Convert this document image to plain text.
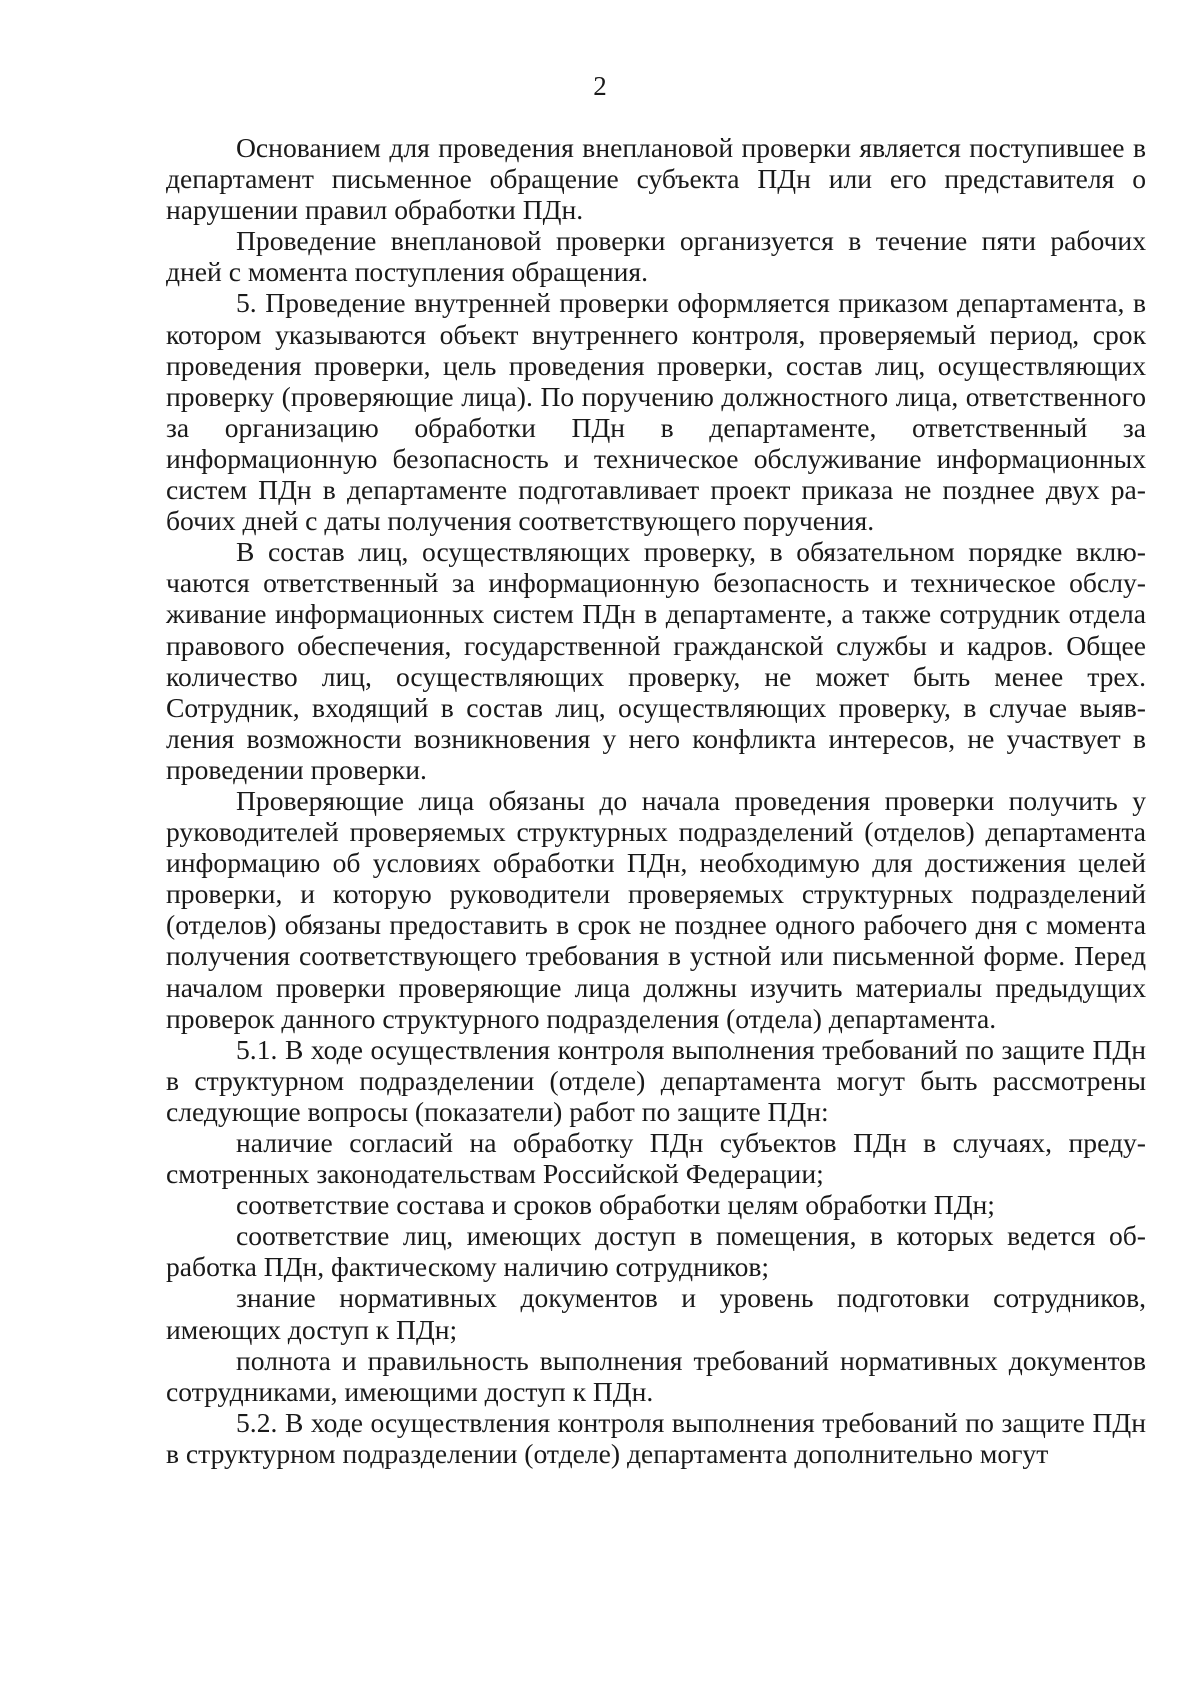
2

Основанием для проведения внеплановой проверки является поступившее в департамент письменное обращение субъекта ПДн или его представителя о нарушении правил обработки ПДн.

Проведение внеплановой проверки организуется в течение пяти рабочих дней с момента поступления обращения.

5. Проведение внутренней проверки оформляется приказом департамента, в котором указываются объект внутреннего контроля, проверяемый период, срок проведения проверки, цель проведения проверки, состав лиц, осуществляющих проверку (проверяющие лица). По поручению должностного лица, ответственного за организацию обработки ПДн в департаменте, ответственный за информационную безопасность и техническое обслуживание информационных систем ПДн в департаменте подготавливает проект приказа не позднее двух рабочих дней с даты получения соответствующего поручения.

В состав лиц, осуществляющих проверку, в обязательном порядке включаются ответственный за информационную безопасность и техническое обслуживание информационных систем ПДн в департаменте, а также сотрудник отдела правового обеспечения, государственной гражданской службы и кадров. Общее количество лиц, осуществляющих проверку, не может быть менее трех. Сотрудник, входящий в состав лиц, осуществляющих проверку, в случае выявления возможности возникновения у него конфликта интересов, не участвует в проведении проверки.

Проверяющие лица обязаны до начала проведения проверки получить у руководителей проверяемых структурных подразделений (отделов) департамента информацию об условиях обработки ПДн, необходимую для достижения целей проверки, и которую руководители проверяемых структурных подразделений (отделов) обязаны предоставить в срок не позднее одного рабочего дня с момента получения соответствующего требования в устной или письменной форме. Перед началом проверки проверяющие лица должны изучить материалы предыдущих проверок данного структурного подразделения (отдела) департамента.

5.1. В ходе осуществления контроля выполнения требований по защите ПДн в структурном подразделении (отделе) департамента могут быть рассмотрены следующие вопросы (показатели) работ по защите ПДн:

наличие согласий на обработку ПДн субъектов ПДн в случаях, предусмотренных законодательствам Российской Федерации;

соответствие состава и сроков обработки целям обработки ПДн;

соответствие лиц, имеющих доступ в помещения, в которых ведется обработка ПДн, фактическому наличию сотрудников;

знание нормативных документов и уровень подготовки сотрудников, имеющих доступ к ПДн;

полнота и правильность выполнения требований нормативных документов сотрудниками, имеющими доступ к ПДн.

5.2. В ходе осуществления контроля выполнения требований по защите ПДн в структурном подразделении (отделе) департамента дополнительно могут
